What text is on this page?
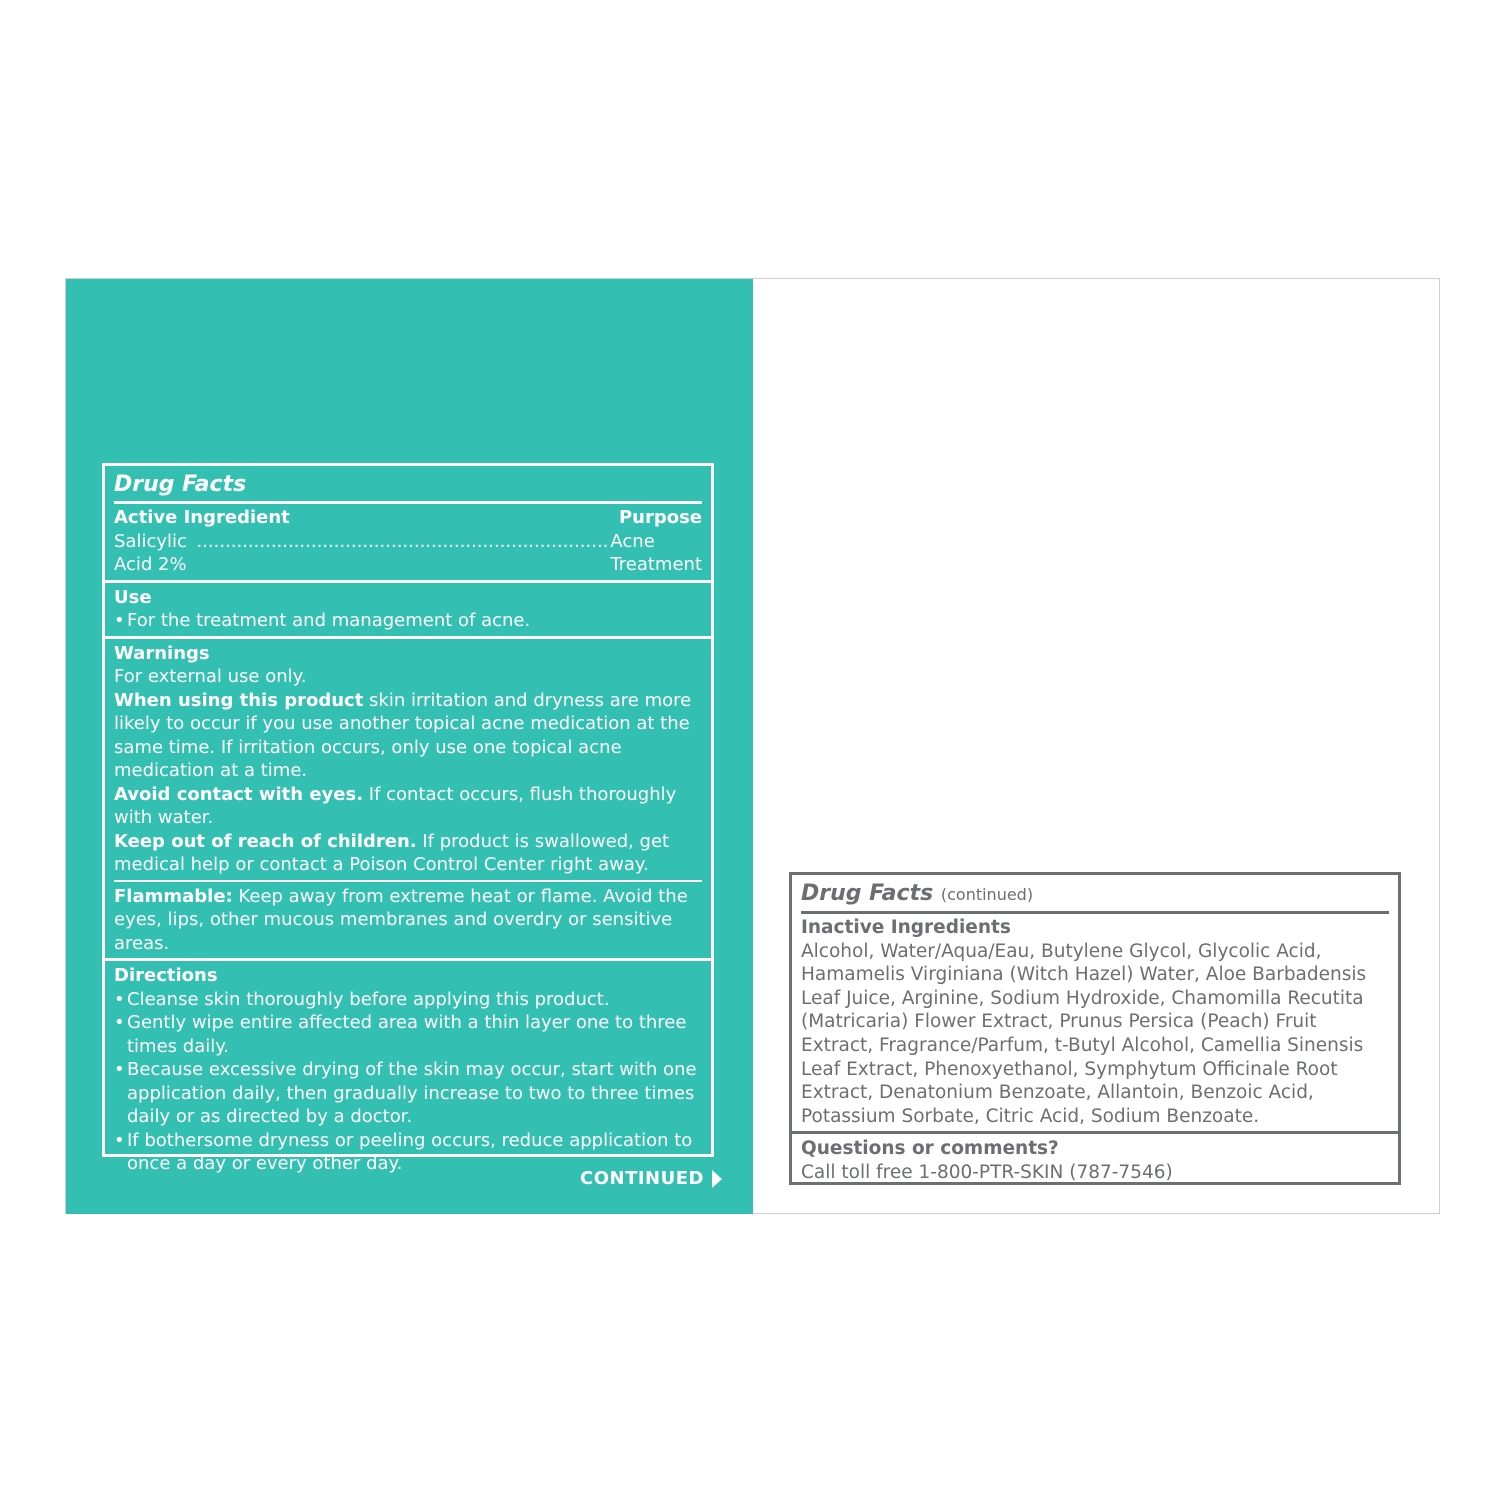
Drug Facts
Active Ingredient	Purpose
Salicylic Acid 2%
........................................................................ Acne Treatment
Use
• For the treatment and management of acne.
Warnings
For external use only.
When using this product skin irritation and dryness are more likely to occur if you use another topical acne medication at the same time. If irritation occurs, only use one topical acne medication at a time.
Avoid contact with eyes. If contact occurs, flush thoroughly with water.
Keep out of reach of children. If product is swallowed, get medical help or contact a Poison Control Center right away.
Flammable: Keep away from extreme heat or flame. Avoid the eyes, lips, other mucous membranes and overdry or sensitive areas.
Directions
• Cleanse skin thoroughly before applying this product.
• Gently wipe entire affected area with a thin layer one to three times daily.
• Because excessive drying of the skin may occur, start with one application daily, then gradually increase to two to three times daily or as directed by a doctor.
• If bothersome dryness or peeling occurs, reduce application to once a day or every other day.
CONTINUED
Drug Facts (continued)
Inactive Ingredients
Alcohol, Water/Aqua/Eau, Butylene Glycol, Glycolic Acid, Hamamelis Virginiana (Witch Hazel) Water, Aloe Barbadensis Leaf Juice, Arginine, Sodium Hydroxide, Chamomilla Recutita (Matricaria) Flower Extract, Prunus Persica (Peach) Fruit Extract, Fragrance/Parfum, t-Butyl Alcohol, Camellia Sinensis Leaf Extract, Phenoxyethanol, Symphytum Officinale Root Extract, Denatonium Benzoate, Allantoin, Benzoic Acid, Potassium Sorbate, Citric Acid, Sodium Benzoate.
Questions or comments?
Call toll free 1-800-PTR-SKIN (787-7546)
